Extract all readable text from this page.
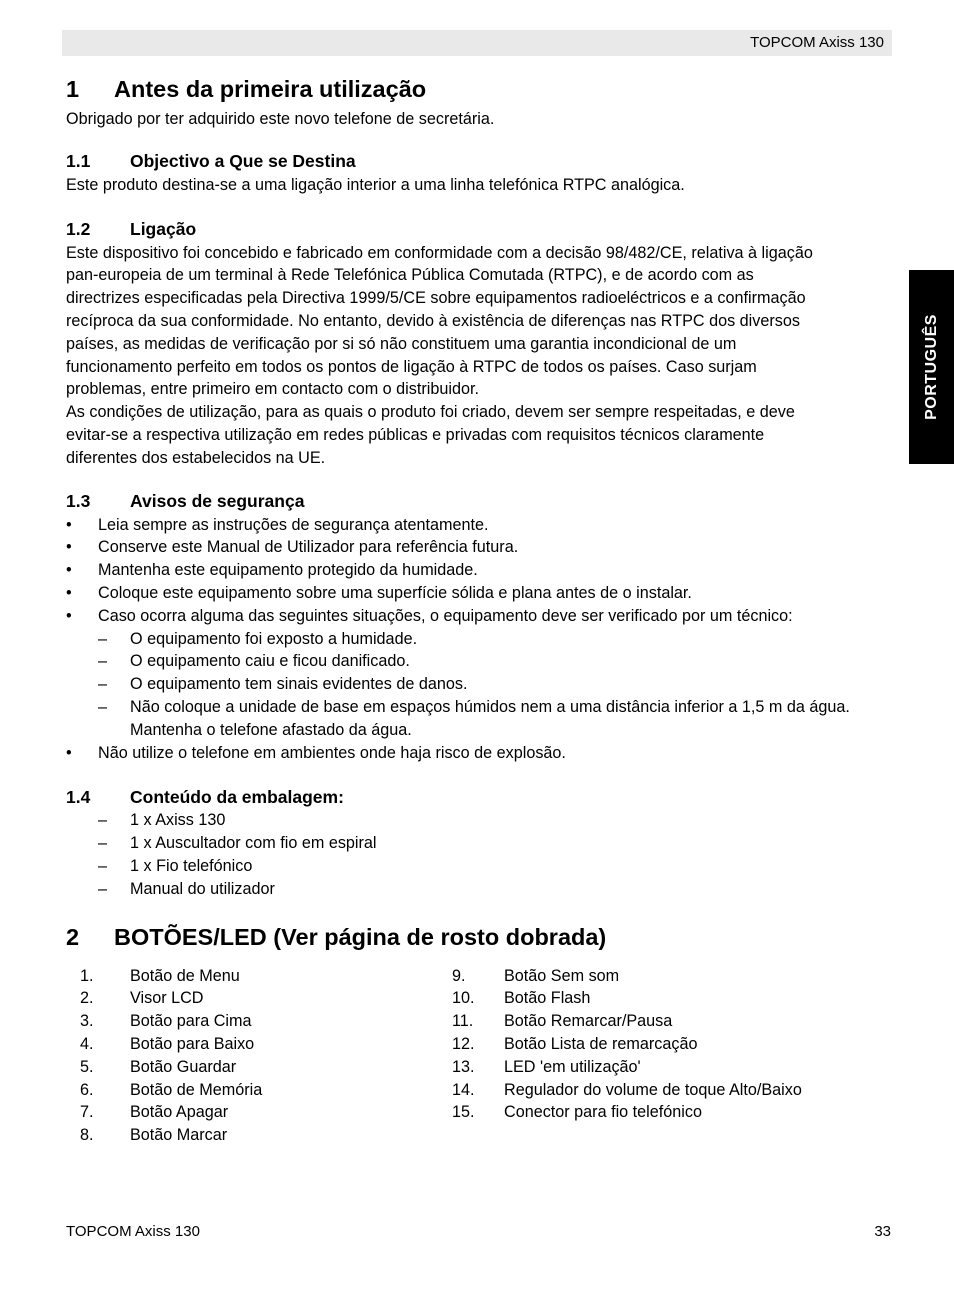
TOPCOM Axiss 130
PORTUGUÊS
1	Antes da primeira utilização

Obrigado por ter adquirido este novo telefone de secretária.

1.1	Objectivo a Que se Destina

Este produto destina-se a uma ligação interior a uma linha telefónica RTPC analógica.

1.2	Ligação

Este dispositivo foi concebido e fabricado em conformidade com a decisão 98/482/CE, relativa à ligação

pan-europeia de um terminal à Rede Telefónica Pública Comutada (RTPC), e de acordo com as

directrizes especificadas pela Directiva 1999/5/CE sobre equipamentos radioeléctricos e a confirmação

recíproca da sua conformidade. No entanto, devido à existência de diferenças nas RTPC dos diversos

países, as medidas de verificação por si só não constituem uma garantia incondicional de um

funcionamento perfeito em todos os pontos de ligação à RTPC de todos os países. Caso surjam

problemas, entre primeiro em contacto com o distribuidor.

As condições de utilização, para as quais o produto foi criado, devem ser sempre respeitadas, e deve

evitar-se a respectiva utilização em redes públicas e privadas com requisitos técnicos claramente

diferentes dos estabelecidos na UE.

1.3	Avisos de segurança
• Leia sempre as instruções de segurança atentamente.
• Conserve este Manual de Utilizador para referência futura.
• Mantenha este equipamento protegido da humidade.
• Coloque este equipamento sobre uma superfície sólida e plana antes de o instalar.
• Caso ocorra alguma das seguintes situações, o equipamento deve ser verificado por um técnico:
– O equipamento foi exposto a humidade.
– O equipamento caiu e ficou danificado.
– O equipamento tem sinais evidentes de danos.
– Não coloque a unidade de base em espaços húmidos nem a uma distância inferior a 1,5 m da água. Mantenha o telefone afastado da água.
• Não utilize o telefone em ambientes onde haja risco de explosão.
1.4	Conteúdo da embalagem:
– 1 x Axiss 130
– 1 x Auscultador com fio em espiral
– 1 x Fio telefónico
– Manual do utilizador
2	BOTÕES/LED (Ver página de rosto dobrada)
1.	Botão de Menu
2.	Visor LCD
3.	Botão para Cima
4.	Botão para Baixo
5.	Botão Guardar
6.	Botão de Memória
7.	Botão Apagar
8.	Botão Marcar
9.	Botão Sem som
10.	Botão Flash
11.	Botão Remarcar/Pausa
12.	Botão Lista de remarcação
13.	LED 'em utilização'
14.	Regulador do volume de toque Alto/Baixo
15.	Conector para fio telefónico
TOPCOM Axiss 130	33
